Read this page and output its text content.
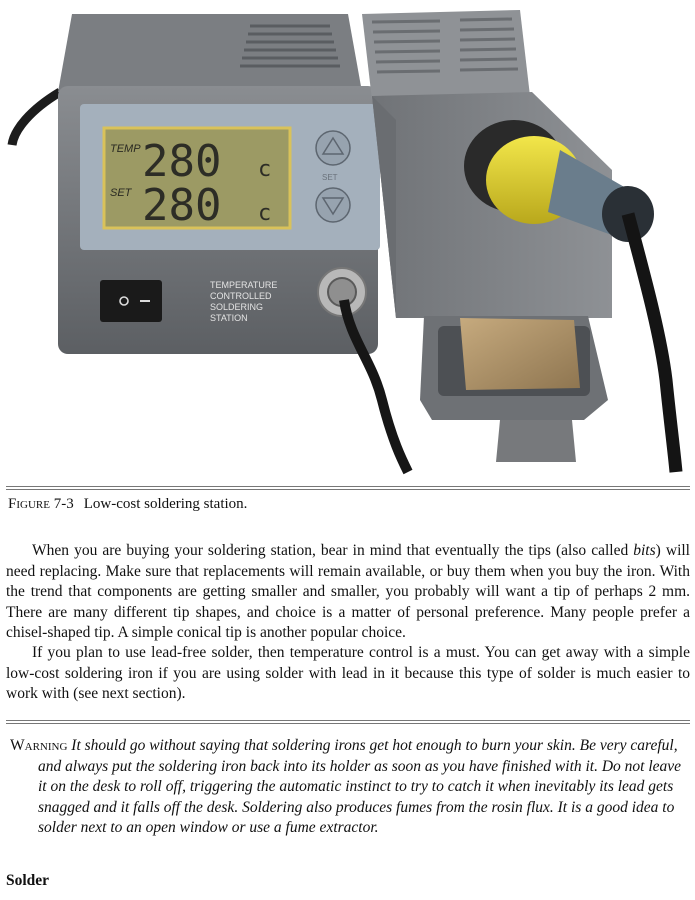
TEMP
SET
280 c
280 c
SET
TEMPERATURE CONTROLLED SOLDERING STATION
Figure 7-3 Low-cost soldering station.

When you are buying your soldering station, bear in mind that eventually the tips (also called bits) will need replacing. Make sure that replacements will remain available, or buy them when you buy the iron. With the trend that components are getting smaller and smaller, you probably will want a tip of perhaps 2 mm. There are many different tip shapes, and choice is a matter of personal preference. Many people prefer a chisel-shaped tip. A simple conical tip is another popular choice.

If you plan to use lead-free solder, then temperature control is a must. You can get away with a simple low-cost soldering iron if you are using solder with lead in it because this type of solder is much easier to work with (see next section).

Warning It should go without saying that soldering irons get hot enough to burn your skin. Be very careful, and always put the soldering iron back into its holder as soon as you have finished with it. Do not leave it on the desk to roll off, triggering the automatic instinct to try to catch it when inevitably its lead gets snagged and it falls off the desk. Soldering also produces fumes from the rosin flux. It is a good idea to solder next to an open window or use a fume extractor.

Solder
